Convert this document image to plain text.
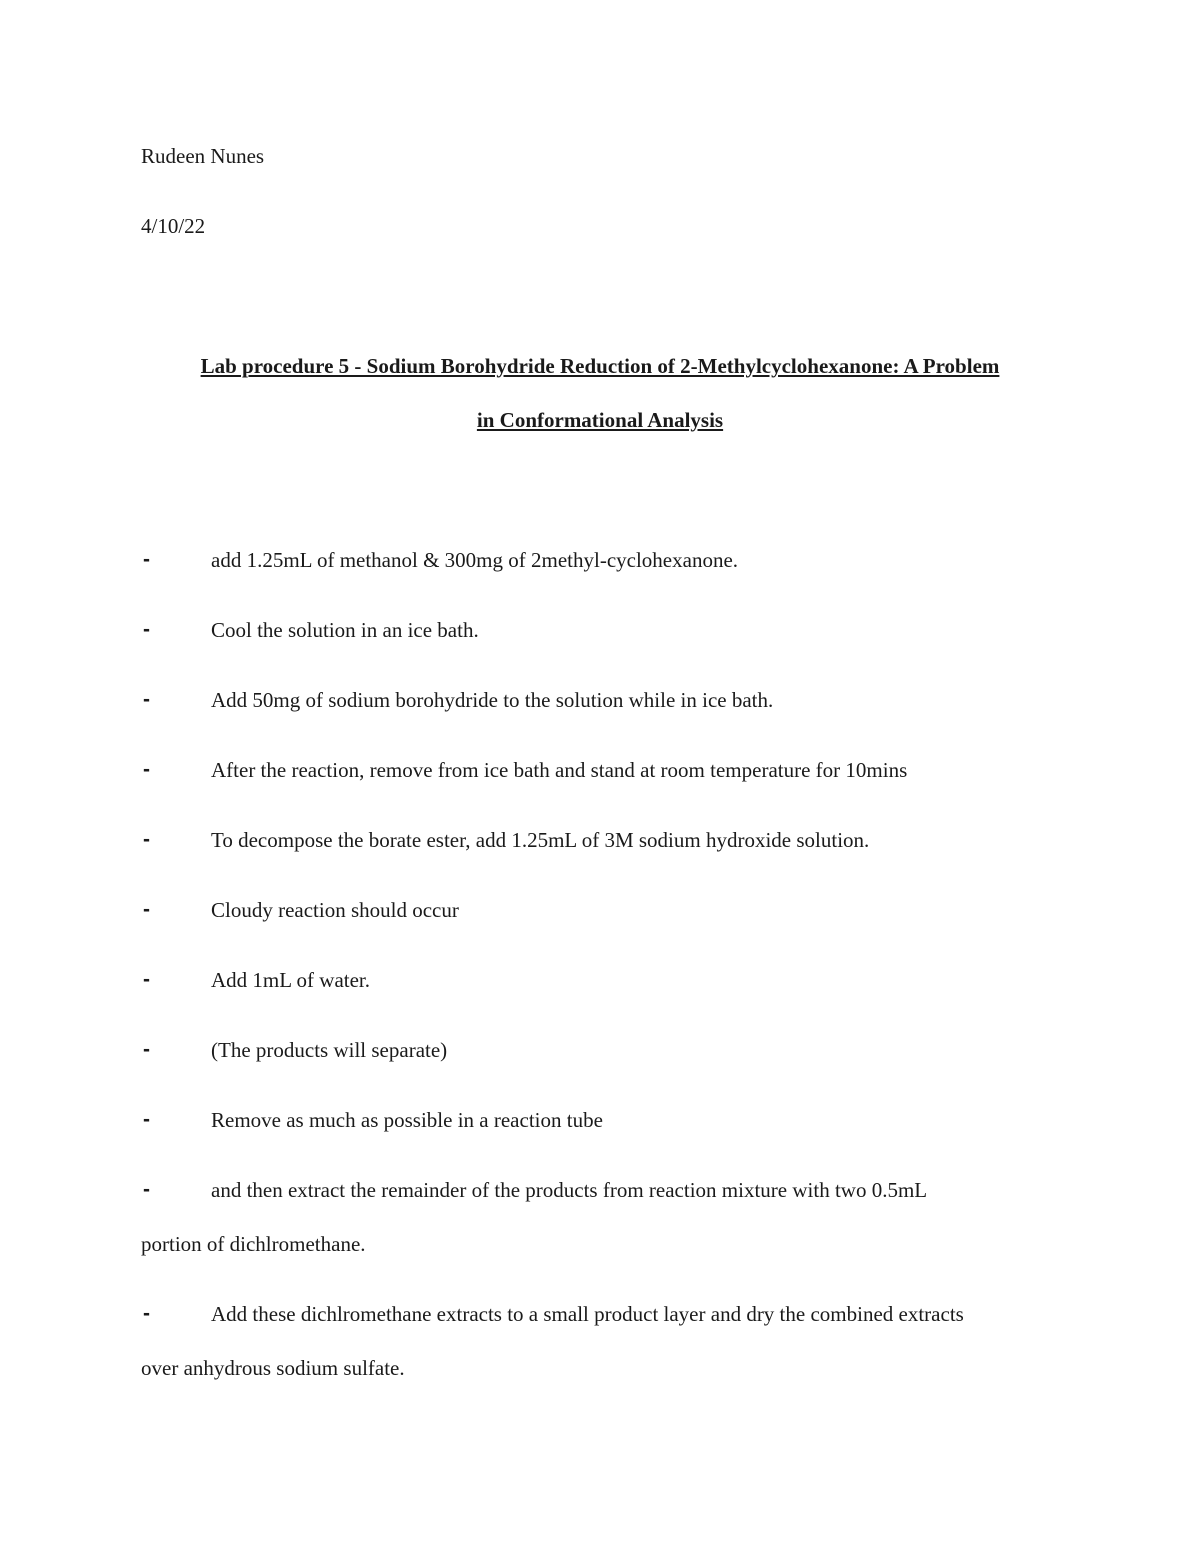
Rudeen Nunes
4/10/22
Lab procedure 5 - Sodium Borohydride Reduction of 2-Methylcyclohexanone: A Problem
in Conformational Analysis
-	add 1.25mL of methanol & 300mg of 2methyl-cyclohexanone.
-	Cool the solution in an ice bath.
-	Add 50mg of sodium borohydride to the solution while in ice bath.
-	After the reaction, remove from ice bath and stand at room temperature for 10mins
-	To decompose the borate ester, add 1.25mL of 3M sodium hydroxide solution.
-	Cloudy reaction should occur
-	Add 1mL of water.
-	(The products will separate)
-	Remove as much as possible in a reaction tube
-	and then extract the remainder of the products from reaction mixture with two 0.5mL
portion of dichlromethane.
-	Add these dichlromethane extracts to a small product layer and dry the combined extracts
over anhydrous sodium sulfate.
